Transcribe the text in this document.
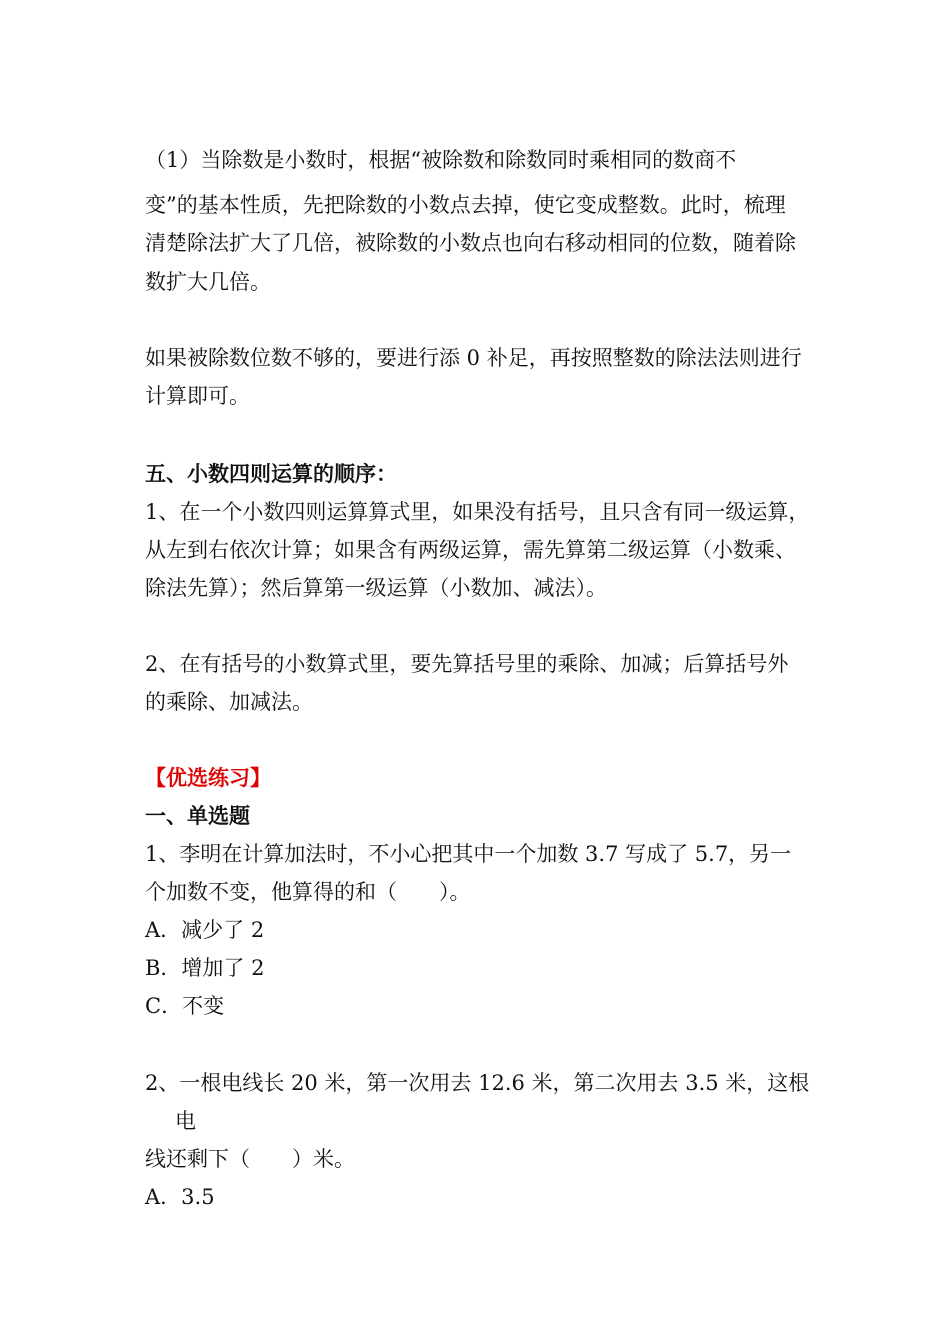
（1）当除数是小数时，根据“被除数和除数同时乘相同的数商不
变”的基本性质，先把除数的小数点去掉，使它变成整数。此时，梳理
清楚除法扩大了几倍，被除数的小数点也向右移动相同的位数，随着除
数扩大几倍。
如果被除数位数不够的，要进行添 0 补足，再按照整数的除法法则进行
计算即可。
五、小数四则运算的顺序：
1、在一个小数四则运算算式里，如果没有括号，且只含有同一级运算，
从左到右依次计算；如果含有两级运算，需先算第二级运算（小数乘、
除法先算）；然后算第一级运算（小数加、减法）。
2、在有括号的小数算式里，要先算括号里的乘除、加减；后算括号外
的乘除、加减法。
【优选练习】
一、单选题
1、李明在计算加法时，不小心把其中一个加数 3.7 写成了 5.7，另一
个加数不变，他算得的和（　　）。
A．减少了 2
B．增加了 2
C．不变
2、一根电线长 20 米，第一次用去 12.6 米，第二次用去 3.5 米，这根
电
线还剩下（　　）米。
A．3.5
